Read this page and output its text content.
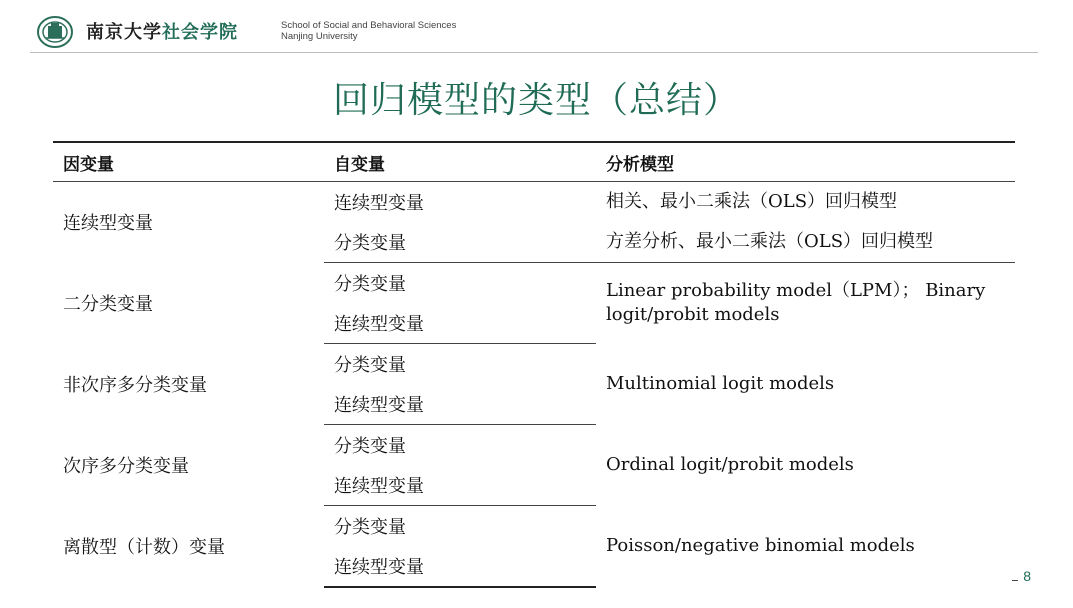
南京大学社会学院	School of Social and Behavioral Sciences
Nanjing University
回归模型的类型（总结）
因变量	自变量	分析模型
连续型变量	连续型变量	相关、最小二乘法（OLS）回归模型
	分类变量	方差分析、最小二乘法（OLS）回归模型
二分类变量	分类变量	Linear probability model（LPM）； Binary logit/probit models
	连续型变量	
非次序多分类变量	分类变量	Multinomial logit models
	连续型变量	
次序多分类变量	分类变量	Ordinal logit/probit models
	连续型变量	
离散型（计数）变量	分类变量	Poisson/negative binomial models
	连续型变量		8
